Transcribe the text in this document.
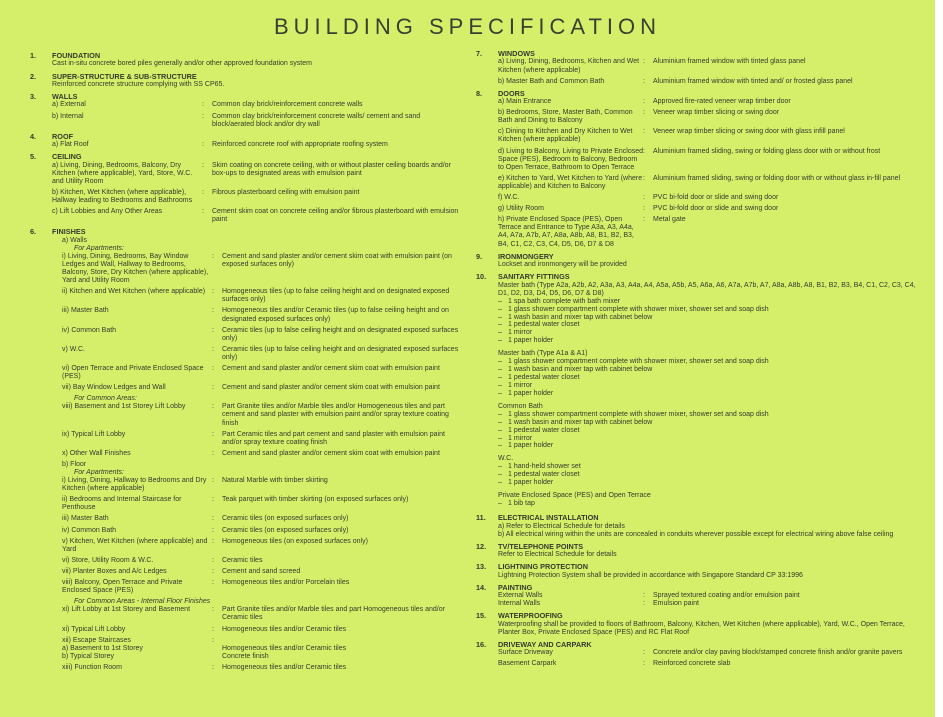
BUILDING SPECIFICATION
1.	FOUNDATION
Cast in-situ concrete bored piles generally and/or other approved foundation system
2.	SUPER-STRUCTURE & SUB-STRUCTURE
Reinforced concrete structure complying with SS CP65.
3.	WALLS
a) External	:	Common clay brick/reinforcement concrete walls
b) Internal	:	Common clay brick/reinforcement concrete walls/ cement and sand block/aerated block and/or dry wall
4.	ROOF
a) Flat Roof	:	Reinforced concrete roof with appropriate roofing system
5.	CEILING
a) Living, Dining, Bedrooms, Balcony, Dry Kitchen (where applicable), Yard, Store, W.C. and Utility Room
:	Skim coating on concrete ceiling, with or without plaster ceiling boards and/or box-ups to designated areas with emulsion paint
b) Kitchen, Wet Kitchen (where applicable), Hallway leading to Bedrooms and Bathrooms
:	Fibrous plasterboard ceiling with emulsion paint
c) Lift Lobbies and Any Other Areas	:	Cement skim coat on concrete ceiling and/or fibrous plasterboard with emulsion paint
6.	FINISHES
a) Walls
For Apartments:
i) Living, Dining, Bedrooms, Bay Window Ledges and Wall, Hallway to Bedrooms, Balcony, Store, Dry Kitchen (where applicable), Yard and Utility Room
:	Cement and sand plaster and/or cement skim coat with emulsion paint (on exposed surfaces only)
ii) Kitchen and Wet Kitchen (where applicable) :	Homogeneous tiles (up to false ceiling height and on designated exposed surfaces only)
iii) Master Bath	:	Homogeneous tiles and/or Ceramic tiles (up to false ceiling height and on designated exposed surfaces only)
iv) Common Bath	:	Ceramic tiles (up to false ceiling height and on designated exposed surfaces only)
v) W.C.	:	Ceramic tiles (up to false ceiling height and on designated exposed surfaces only)
vi) Open Terrace and Private Enclosed Space (PES)
:	Cement and sand plaster and/or cement skim coat with emulsion paint
vii) Bay Window Ledges and Wall	:	Cement and sand plaster and/or cement skim coat with emulsion paint
For Common Areas:
viii) Basement and 1st Storey Lift Lobby	:	Part Granite tiles and/or Marble tiles and/or Homogeneous tiles and part cement and sand plaster with emulsion paint and/or spray texture coating finish
ix) Typical Lift Lobby	:	Part Ceramic tiles and part cement and sand plaster with emulsion paint and/or spray texture coating finish
x) Other Wall Finishes	:	Cement and sand plaster and/or cement skim coat with emulsion paint
b) Floor
For Apartments:
i) Living, Dining, Hallway to Bedrooms and Dry Kitchen (where applicable)
:	Natural Marble with timber skirting
ii) Bedrooms and Internal Staircase for Penthouse
:	Teak parquet with timber skirting (on exposed surfaces only)
iii) Master Bath	:	Ceramic tiles (on exposed surfaces only)
iv) Common Bath	:	Ceramic tiles (on exposed surfaces only)
v) Kitchen, Wet Kitchen (where applicable) and Yard
:	Homogeneous tiles (on exposed surfaces only)
vi) Store, Utility Room & W.C.	:	Ceramic tiles
vii) Planter Boxes and A/c Ledges	:	Cement and sand screed
viii) Balcony, Open Terrace and Private Enclosed Space (PES)
:	Homogeneous tiles and/or Porcelain tiles
For Common Areas - Internal Floor Finishes
xi) Lift Lobby at 1st Storey and Basement	:	Part Granite tiles and/or Marble tiles and part Homogeneous tiles and/or Ceramic tiles
xi) Typical Lift Lobby	:	Homogeneous tiles and/or Ceramic tiles
xii) Escape Staircases
a) Basement to 1st Storey
b) Typical Storey
:

Homogeneous tiles and/or Ceramic tiles
Concrete finish
xiii) Function Room	:	Homogeneous tiles and/or Ceramic tiles
7.	WINDOWS
a) Living, Dining, Bedrooms, Kitchen and Wet Kitchen (where applicable)
:	Aluminium framed window with tinted glass panel
b) Master Bath and Common Bath	:	Aluminium framed window with tinted and/ or frosted glass panel
8.	DOORS
a) Main Entrance	:	Approved fire-rated veneer wrap timber door
b) Bedrooms, Store, Master Bath, Common Bath and Dining to Balcony
:	Veneer wrap timber slicing or swing door
c) Dining to Kitchen and Dry Kitchen to Wet Kitchen (where applicable)
:	Veneer wrap timber slicing or swing door with glass infill panel
d) Living to Balcony, Living to Private Enclosed Space (PES), Bedroom to Balcony, Bedroom to Open Terrace, Bathroom to Open Terrace
:	Aluminium framed sliding, swing or folding glass door with or without frost
e) Kitchen to Yard, Wet Kitchen to Yard (where applicable) and Kitchen to Balcony
:	Aluminium framed sliding, swing or folding door with or without glass in-fill panel
f) W.C.	:	PVC bi-fold door or slide and swing door
g) Utility Room	:	PVC bi-fold door or slide and swing door
h) Private Enclosed Space (PES), Open Terrace and Entrance to Type A3a, A3, A4a, A4, A7a, A7b, A7, A8a, A8b, A8, B1, B2, B3, B4, C1, C2, C3, C4, D5, D6, D7 & D8
:	Metal gate
9.	IRONMONGERY
Lockset and ironmongery will be provided
10.	SANITARY FITTINGS
Master bath (Type A2a, A2b, A2, A3a, A3, A4a, A4, A5a, A5b, A5, A6a, A6, A7a, A7b, A7, A8a, A8b, A8, B1, B2, B3, B4, C1, C2, C3, C4, D1, D2, D3, D4, D5, D6, D7 & D8)
– 1 spa bath complete with bath mixer
– 1 glass shower compartment complete with shower mixer, shower set and soap dish
– 1 wash basin and mixer tap with cabinet below
– 1 pedestal water closet
– 1 mirror
– 1 paper holder
Master bath (Type A1a & A1)
– 1 glass shower compartment complete with shower mixer, shower set and soap dish
– 1 wash basin and mixer tap with cabinet below
– 1 pedestal water closet
– 1 mirror
– 1 paper holder
Common Bath
– 1 glass shower compartment complete with shower mixer, shower set and soap dish
– 1 wash basin and mixer tap with cabinet below
– 1 pedestal water closet
– 1 mirror
– 1 paper holder
W.C.
– 1 hand-held shower set
– 1 pedestal water closet
– 1 paper holder
Private Enclosed Space (PES) and Open Terrace
– 1 bib tap
11.	ELECTRICAL INSTALLATION
a) Refer to Electrical Schedule for details
b) All electrical wiring within the units are concealed in conduits wherever possible except for electrical wiring above false ceiling
12.	TV/TELEPHONE POINTS
Refer to Electrical Schedule for details
13.	LIGHTNING PROTECTION
Lightning Protection System shall be provided in accordance with Singapore Standard CP 33:1996
14.	PAINTING
External Walls	:	Sprayed textured coating and/or emulsion paint
Internal Walls	:	Emulsion paint
15.	WATERPROOFING
Waterproofing shall be provided to floors of Bathroom, Balcony, Kitchen, Wet Kitchen (where applicable), Yard, W.C., Open Terrace, Planter Box, Private Enclosed Space (PES) and RC Flat Roof
16.	DRIVEWAY AND CARPARK
Surface Driveway	:	Concrete and/or clay paving block/stamped concrete finish and/or granite pavers
Basement Carpark	:	Reinforced concrete slab
